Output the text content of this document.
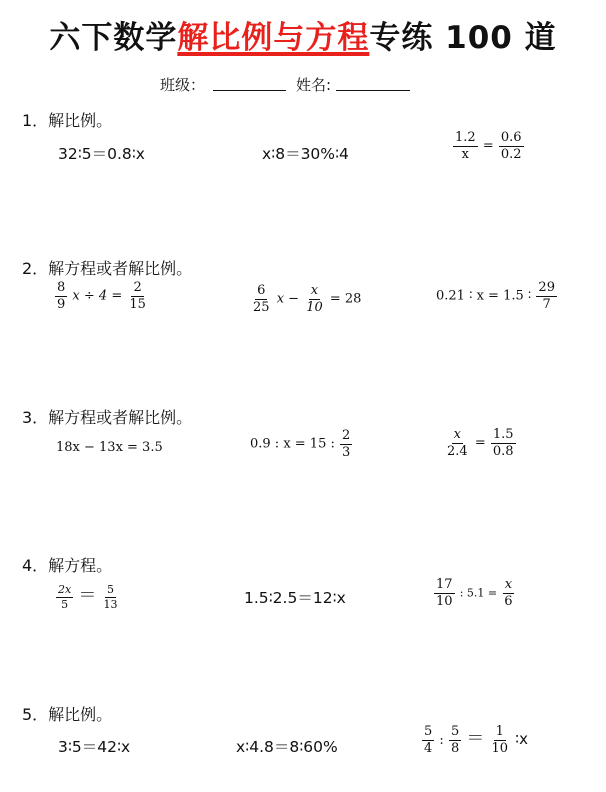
六下数学解比例与方程专练 100 道
班级：	姓名:
1．解比例。
32∶5＝0.8∶x	x∶8＝30%∶4	$\frac{1.2}{x} = \frac{0.6}{0.2}$
2．解方程或者解比例。
$\frac{8}{9}$ $x \div 4 = \frac{2}{15}$	$\frac{6}{25}$ $x - \frac{x}{10} = 28$	0.21 ∶ x = 1.5 ∶ $\frac{29}{7}$
3．解方程或者解比例。
18x − 13x = 3.5	0.9 : x = 15 : $\frac{2}{3}$	$\frac{x}{2.4} = \frac{1.5}{0.8}$
4．解方程。
$\frac{2x}{5} = \frac{5}{13}$	1.5∶2.5＝12∶x	$\frac{17}{10}$ : $5.1 = \frac{x}{6}$
5．解比例。
3∶5＝42∶x	x∶4.8＝8∶60%	$\frac{5}{4}$ : $\frac{5}{8} = \frac{1}{10}$ ∶x
